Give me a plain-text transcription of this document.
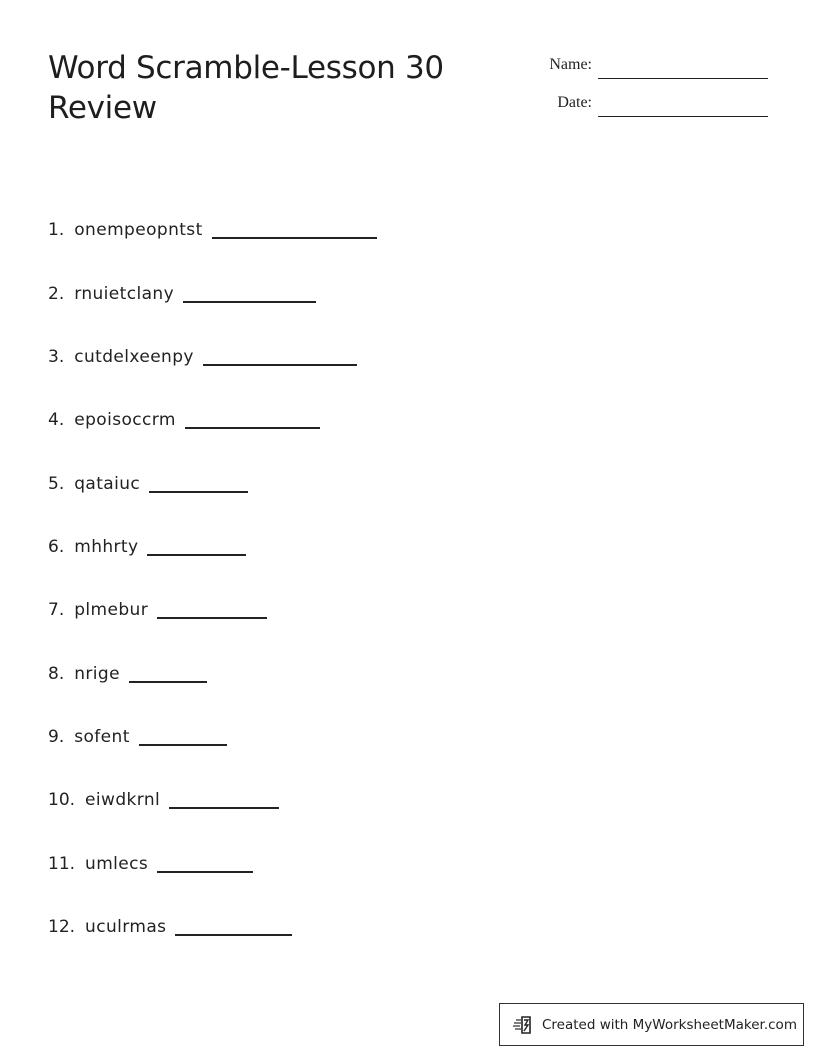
Word Scramble-Lesson 30 Review
Name:
Date:
1. onempeopntst
2. rnuietclany
3. cutdelxeenpy
4. epoisoccrm
5. qataiuc
6. mhhrty
7. plmebur
8. nrige
9. sofent
10. eiwdkrnl
11. umlecs
12. uculrmas
Created with MyWorksheetMaker.com
